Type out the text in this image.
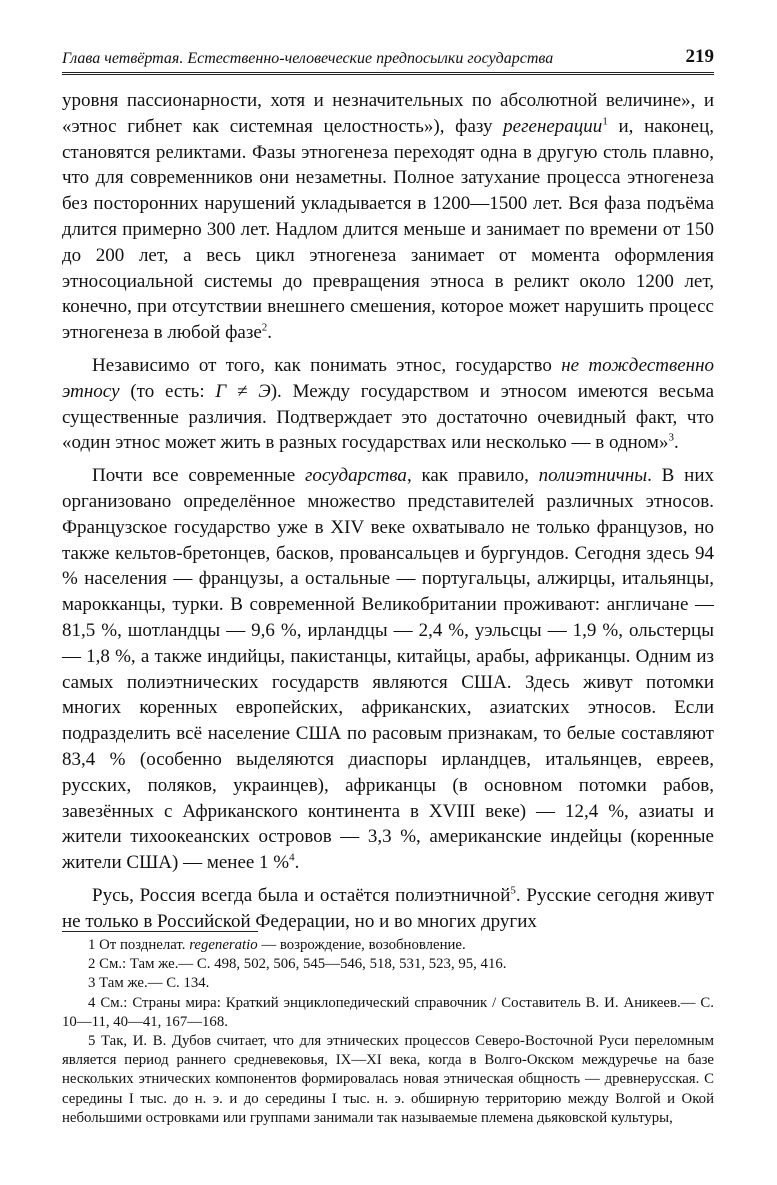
Глава четвёртая. Естественно-человеческие предпосылки государства	219

уровня пассионарности, хотя и незначительных по абсолютной величине», и «этнос гибнет как системная целостность»), фазу регенерации$^1$ и, наконец, становятся реликтами. Фазы этногенеза переходят одна в другую столь плавно, что для современников они незаметны. Полное затухание процесса этногенеза без посторонних нарушений укладывается в 1200—1500 лет. Вся фаза подъёма длится примерно 300 лет. Надлом длится меньше и занимает по времени от 150 до 200 лет, а весь цикл этногенеза занимает от момента оформления этносоциальной системы до превращения этноса в реликт около 1200 лет, конечно, при отсутствии внешнего смешения, которое может нарушить процесс этногенеза в любой фазе$^2$.

Независимо от того, как понимать этнос, государство не тождественно этносу (то есть: Г ≠ Э). Между государством и этносом имеются весьма существенные различия. Подтверждает это достаточно очевидный факт, что «один этнос может жить в разных государствах или несколько — в одном»$^3$.

Почти все современные государства, как правило, полиэтничны. В них организовано определённое множество представителей различных этносов. Французское государство уже в XIV веке охватывало не только французов, но также кельтов-бретонцев, басков, провансальцев и бургундов. Сегодня здесь 94 % населения — французы, а остальные — португальцы, алжирцы, итальянцы, марокканцы, турки. В современной Великобритании проживают: англичане — 81,5 %, шотландцы — 9,6 %, ирландцы — 2,4 %, уэльсцы — 1,9 %, ольстерцы — 1,8 %, а также индийцы, пакистанцы, китайцы, арабы, африканцы. Одним из самых полиэтнических государств являются США. Здесь живут потомки многих коренных европейских, африканских, азиатских этносов. Если подразделить всё население США по расовым признакам, то белые составляют 83,4 % (особенно выделяются диаспоры ирландцев, итальянцев, евреев, русских, поляков, украинцев), африканцы (в основном потомки рабов, завезённых с Африканского континента в XVIII веке) — 12,4 %, азиаты и жители тихоокеанских островов — 3,3 %, американские индейцы (коренные жители США) — менее 1 %$^4$.

Русь, Россия всегда была и остаётся полиэтничной$^5$. Русские сегодня живут не только в Российской Федерации, но и во многих других

1 От позднелат. regeneratio — возрождение, возобновление.

2 См.: Там же.— С. 498, 502, 506, 545—546, 518, 531, 523, 95, 416.

3 Там же.— С. 134.

4 См.: Страны мира: Краткий энциклопедический справочник / Составитель В. И. Аникеев.— С. 10—11, 40—41, 167—168.

5 Так, И. В. Дубов считает, что для этнических процессов Северо-Восточной Руси переломным является период раннего средневековья, IX—XI века, когда в Волго-Окском междуречье на базе нескольких этнических компонентов формировалась новая этническая общность — древнерусская. С середины I тыс. до н. э. и до середины I тыс. н. э. обширную территорию между Волгой и Окой небольшими островками или группами занимали так называемые племена дьяковской культуры,
